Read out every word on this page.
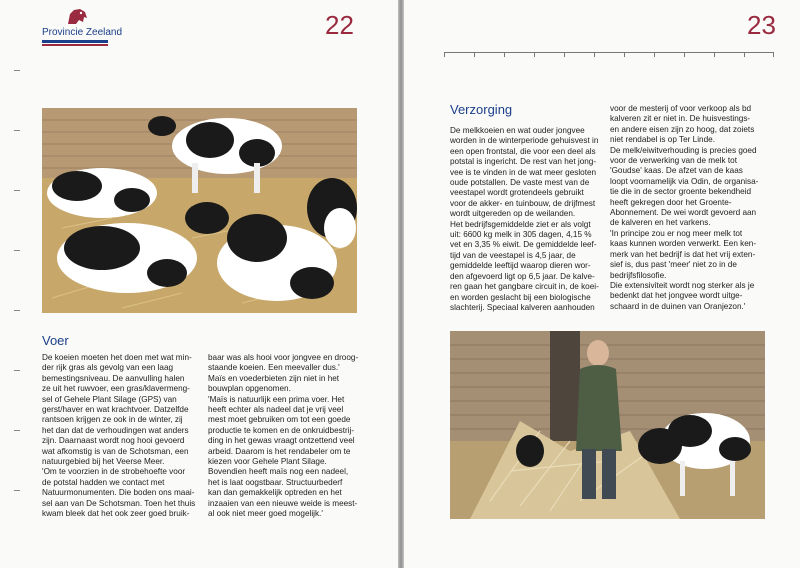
Provincie Zeeland	22
Voer

De koeien moeten het doen met wat min-
der rijk gras als gevolg van een laag
bemestingsniveau. De aanvulling halen
ze uit het ruwvoer, een gras/klavermeng-
sel of Gehele Plant Silage (GPS) van
gerst/haver en wat krachtvoer. Datzelfde
rantsoen krijgen ze ook in de winter, zij
het dan dat de verhoudingen wat anders
zijn. Daarnaast wordt nog hooi gevoerd
wat afkomstig is van de Schotsman, een
natuurgebied bij het Veerse Meer.
'Om te voorzien in de strobehoefte voor
de potstal hadden we contact met
Natuurmonumenten. Die boden ons maai-
sel aan van De Schotsman. Toen het thuis
kwam bleek dat het ook zeer goed bruik-

baar was als hooi voor jongvee en droog-
staande koeien. Een meevaller dus.'
Maïs en voederbieten zijn niet in het
bouwplan opgenomen.
'Maïs is natuurlijk een prima voer. Het
heeft echter als nadeel dat je vrij veel
mest moet gebruiken om tot een goede
productie te komen en de onkruidbestrij-
ding in het gewas vraagt ontzettend veel
arbeid. Daarom is het rendabeler om te
kiezen voor Gehele Plant Silage.
Bovendien heeft maïs nog een nadeel,
het is laat oogstbaar. Structuurbederf
kan dan gemakkelijk optreden en het
inzaaien van een nieuwe weide is meest-
al ook niet meer goed mogelijk.'

23
Verzorging

De melkkoeien en wat ouder jongvee
worden in de winterperiode gehuisvest in
een open frontstal, die voor een deel als
potstal is ingericht. De rest van het jong-
vee is te vinden in de wat meer gesloten
oude potstallen. De vaste mest van de
veestapel wordt grotendeels gebruikt
voor de akker- en tuinbouw, de drijfmest
wordt uitgereden op de weilanden.
Het bedrijfsgemiddelde ziet er als volgt
uit: 6600 kg melk in 305 dagen, 4,15 %
vet en 3,35 % eiwit. De gemiddelde leef-
tijd van de veestapel is 4,5 jaar, de
gemiddelde leeftijd waarop dieren wor-
den afgevoerd ligt op 6,5 jaar. De kalve-
ren gaan het gangbare circuit in, de koei-
en worden geslacht bij een biologische
slachterij. Speciaal kalveren aanhouden

voor de mesterij of voor verkoop als bd
kalveren zit er niet in. De huisvestings-
en andere eisen zijn zo hoog, dat zoiets
niet rendabel is op Ter Linde.
De melk/eiwitverhouding is precies goed
voor de verwerking van de melk tot
'Goudse' kaas. De afzet van de kaas
loopt voornamelijk via Odin, de organisa-
tie die in de sector groente bekendheid
heeft gekregen door het Groente-
Abonnement. De wei wordt gevoerd aan
de kalveren en het varkens.
'In principe zou er nog meer melk tot
kaas kunnen worden verwerkt. Een ken-
merk van het bedrijf is dat het vrij exten-
sief is, dus past 'meer' niet zo in de
bedrijfsfilosofie.
Die extensiviteit wordt nog sterker als je
bedenkt dat het jongvee wordt uitge-
schaard in de duinen van Oranjezon.'
